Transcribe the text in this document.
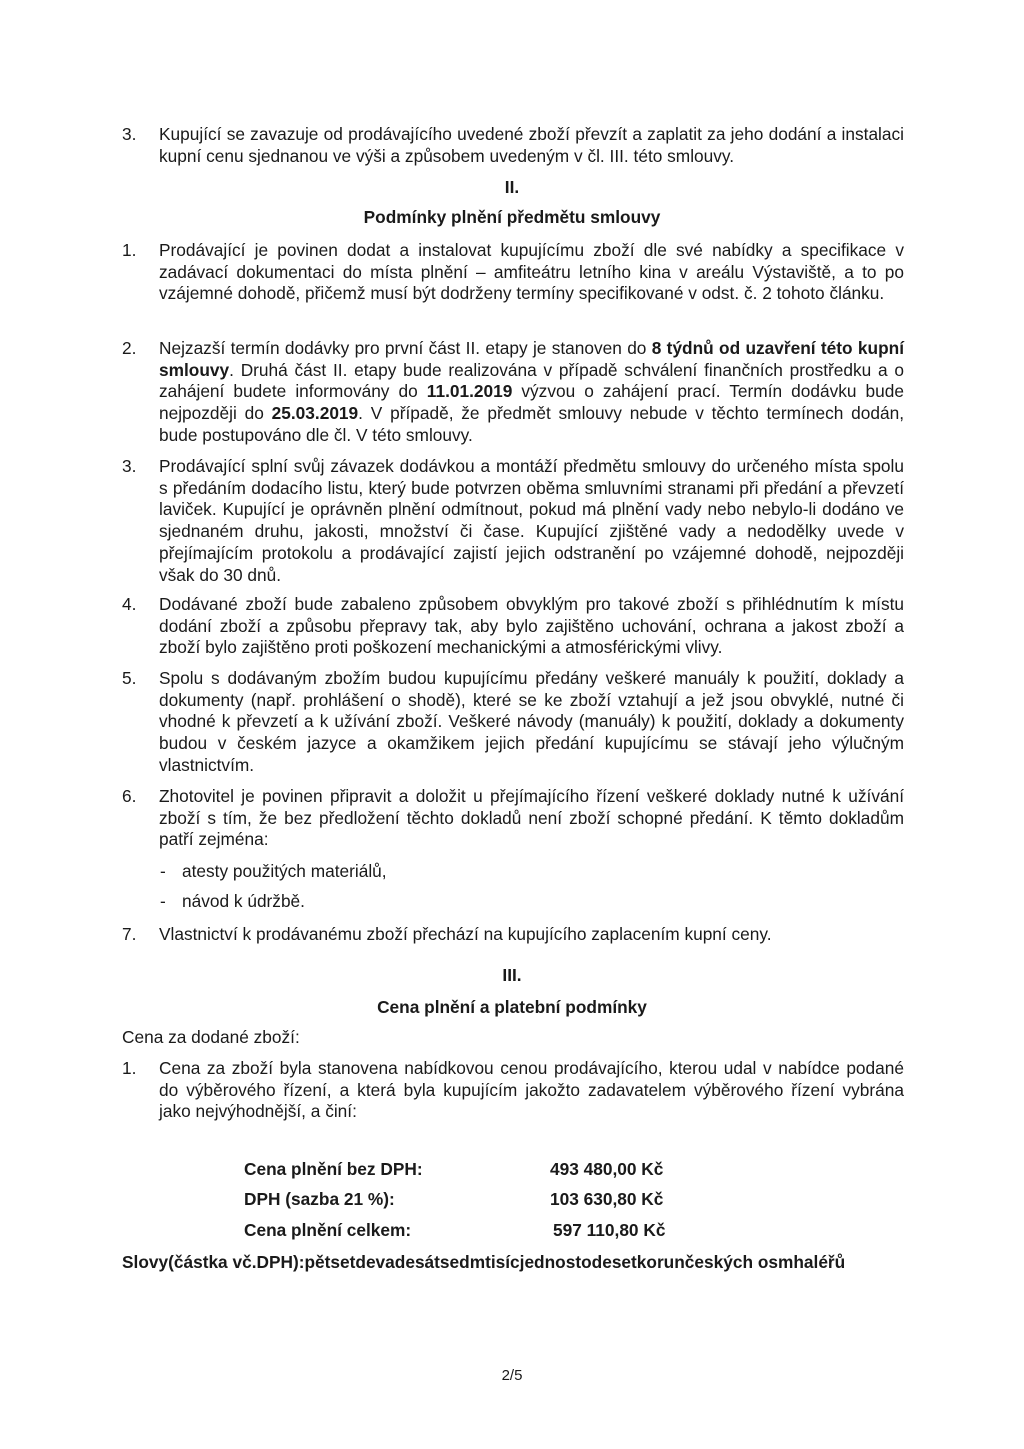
3. Kupující se zavazuje od prodávajícího uvedené zboží převzít a zaplatit za jeho dodání a instalaci kupní cenu sjednanou ve výši a způsobem uvedeným v čl. III. této smlouvy.
II.
Podmínky plnění předmětu smlouvy
1. Prodávající je povinen dodat a instalovat kupujícímu zboží dle své nabídky a specifikace v zadávací dokumentaci do místa plnění – amfiteátru letního kina v areálu Výstaviště, a to po vzájemné dohodě, přičemž musí být dodrženy termíny specifikované v odst. č. 2 tohoto článku.
2. Nejzazší termín dodávky pro první část II. etapy je stanoven do 8 týdnů od uzavření této kupní smlouvy. Druhá část II. etapy bude realizována v případě schválení finančních prostředku a o zahájení budete informovány do 11.01.2019 výzvou o zahájení prací. Termín dodávku bude nejpozději do 25.03.2019. V případě, že předmět smlouvy nebude v těchto termínech dodán, bude postupováno dle čl. V této smlouvy.
3. Prodávající splní svůj závazek dodávkou a montáží předmětu smlouvy do určeného místa spolu s předáním dodacího listu, který bude potvrzen oběma smluvními stranami při předání a převzetí laviček. Kupující je oprávněn plnění odmítnout, pokud má plnění vady nebo nebylo-li dodáno ve sjednaném druhu, jakosti, množství či čase. Kupující zjištěné vady a nedodělky uvede v přejímajícím protokolu a prodávající zajistí jejich odstranění po vzájemné dohodě, nejpozději však do 30 dnů.
4. Dodávané zboží bude zabaleno způsobem obvyklým pro takové zboží s přihlédnutím k místu dodání zboží a způsobu přepravy tak, aby bylo zajištěno uchování, ochrana a jakost zboží a zboží bylo zajištěno proti poškození mechanickými a atmosférickými vlivy.
5. Spolu s dodávaným zbožím budou kupujícímu předány veškeré manuály k použití, doklady a dokumenty (např. prohlášení o shodě), které se ke zboží vztahují a jež jsou obvyklé, nutné či vhodné k převzetí a k užívání zboží. Veškeré návody (manuály) k použití, doklady a dokumenty budou v českém jazyce a okamžikem jejich předání kupujícímu se stávají jeho výlučným vlastnictvím.
6. Zhotovitel je povinen připravit a doložit u přejímajícího řízení veškeré doklady nutné k užívání zboží s tím, že bez předložení těchto dokladů není zboží schopné předání. K těmto dokladům patří zejména:
- atesty použitých materiálů,
- návod k údržbě.
7. Vlastnictví k prodávanému zboží přechází na kupujícího zaplacením kupní ceny.
III.
Cena plnění a platební podmínky
Cena za dodané zboží:
1. Cena za zboží byla stanovena nabídkovou cenou prodávajícího, kterou udal v nabídce podané do výběrového řízení, a která byla kupujícím jakožto zadavatelem výběrového řízení vybrána jako nejvýhodnější, a činí:
Cena plnění bez DPH:	493 480,00 Kč
DPH (sazba 21 %):	103 630,80 Kč
Cena plnění celkem:	597 110,80 Kč
Slovy(částka vč.DPH):pětsetdevadesátsedmtisícjednostodesetkorunčeských osmhaléřů
2/5
